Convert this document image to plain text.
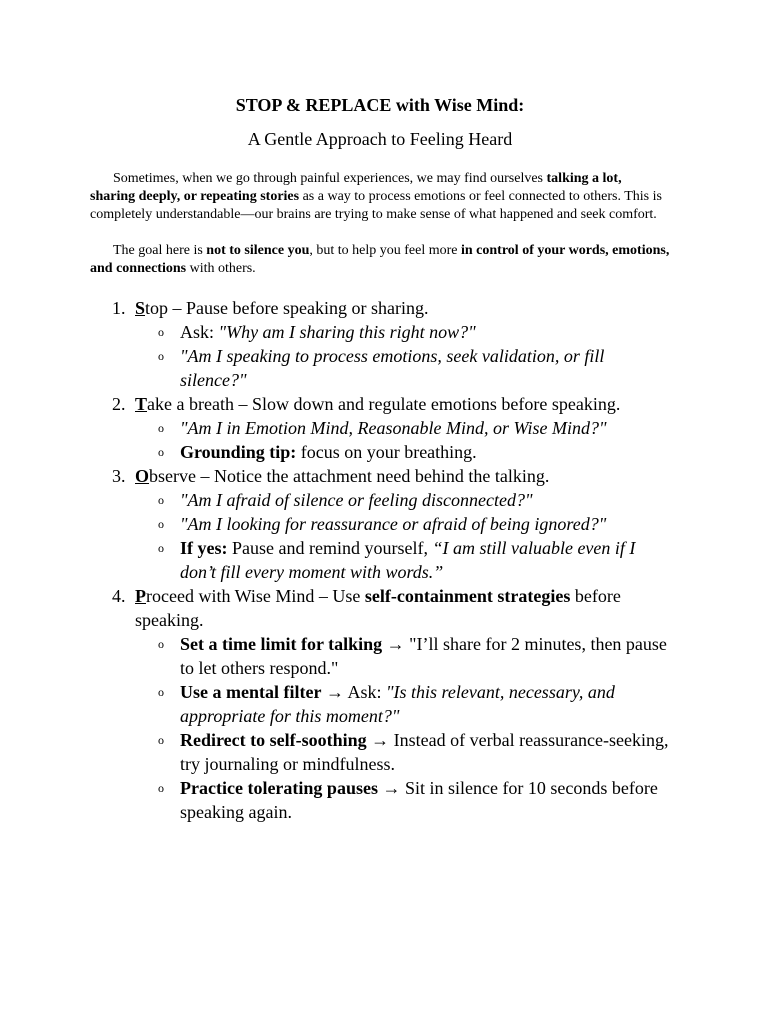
STOP & REPLACE with Wise Mind:
A Gentle Approach to Feeling Heard

Sometimes, when we go through painful experiences, we may find ourselves talking a lot, sharing deeply, or repeating stories as a way to process emotions or feel connected to others. This is completely understandable—our brains are trying to make sense of what happened and seek comfort.

The goal here is not to silence you, but to help you feel more in control of your words, emotions, and connections with others.

1. Stop – Pause before speaking or sharing.
o Ask: "Why am I sharing this right now?"
o "Am I speaking to process emotions, seek validation, or fill silence?"
2. Take a breath – Slow down and regulate emotions before speaking.
o "Am I in Emotion Mind, Reasonable Mind, or Wise Mind?"
o Grounding tip: focus on your breathing.
3. Observe – Notice the attachment need behind the talking.
o "Am I afraid of silence or feeling disconnected?"
o "Am I looking for reassurance or afraid of being ignored?"
o If yes: Pause and remind yourself, “I am still valuable even if I don’t fill every moment with words.”
4. Proceed with Wise Mind – Use self-containment strategies before speaking.
o Set a time limit for talking → "I’ll share for 2 minutes, then pause to let others respond."
o Use a mental filter → Ask: "Is this relevant, necessary, and appropriate for this moment?"
o Redirect to self-soothing → Instead of verbal reassurance-seeking, try journaling or mindfulness.
o Practice tolerating pauses → Sit in silence for 10 seconds before speaking again.
